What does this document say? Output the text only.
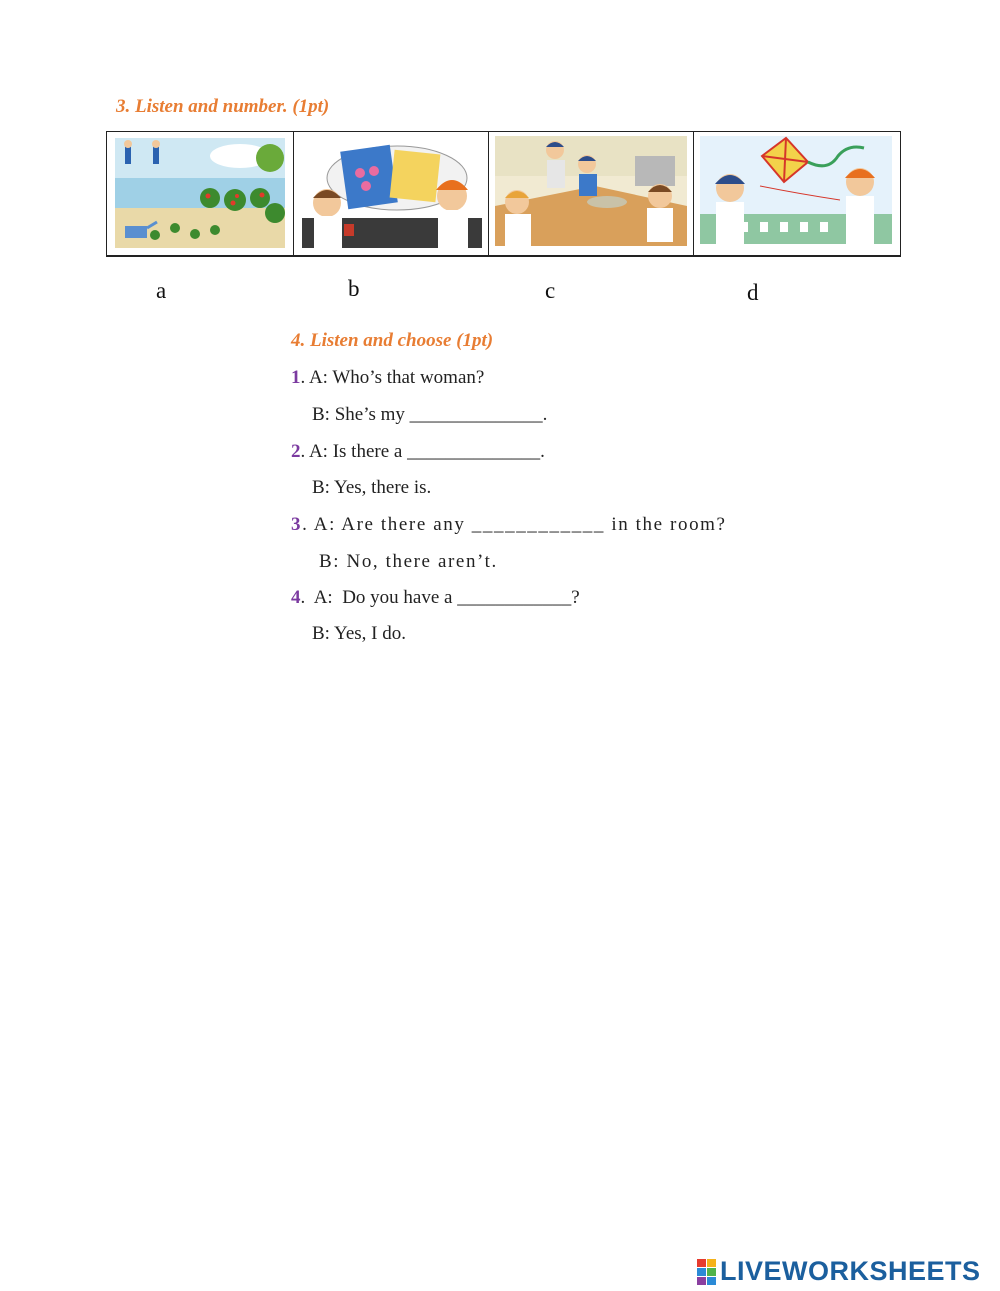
3. Listen and number. (1pt)
a	b	c	d
4. Listen and choose (1pt)
1. A: Who’s that woman?
B: She’s my ______________.
2. A: Is there a ______________.
B: Yes, there is.
3. A: Are there any ____________ in the room?
B: No, there aren’t.
4.  A:  Do you have a ____________?
B: Yes, I do.
LIVEWORKSHEETS
